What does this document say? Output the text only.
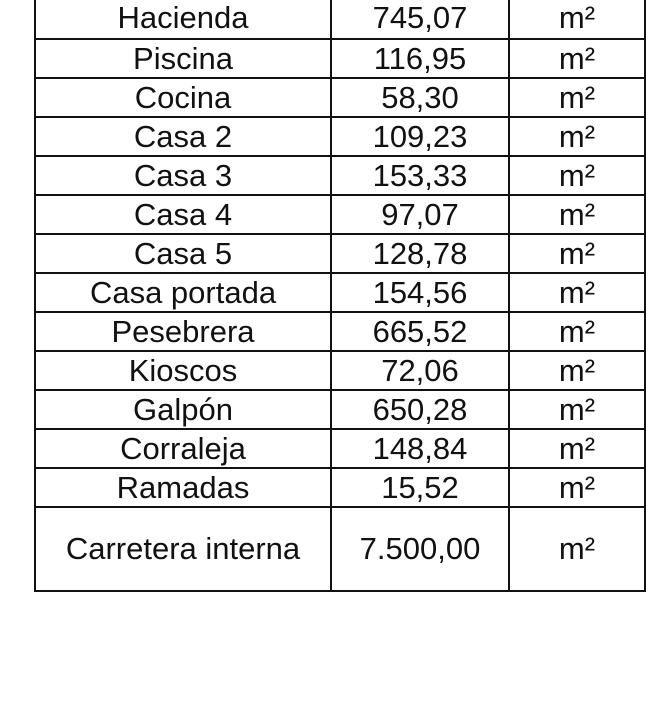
Hacienda	745,07	m²
Piscina	116,95	m²
Cocina	58,30	m²
Casa 2	109,23	m²
Casa 3	153,33	m²
Casa 4	97,07	m²
Casa 5	128,78	m²
Casa portada	154,56	m²
Pesebrera	665,52	m²
Kioscos	72,06	m²
Galpón	650,28	m²
Corraleja	148,84	m²
Ramadas	15,52	m²
Carretera interna	7.500,00	m²
